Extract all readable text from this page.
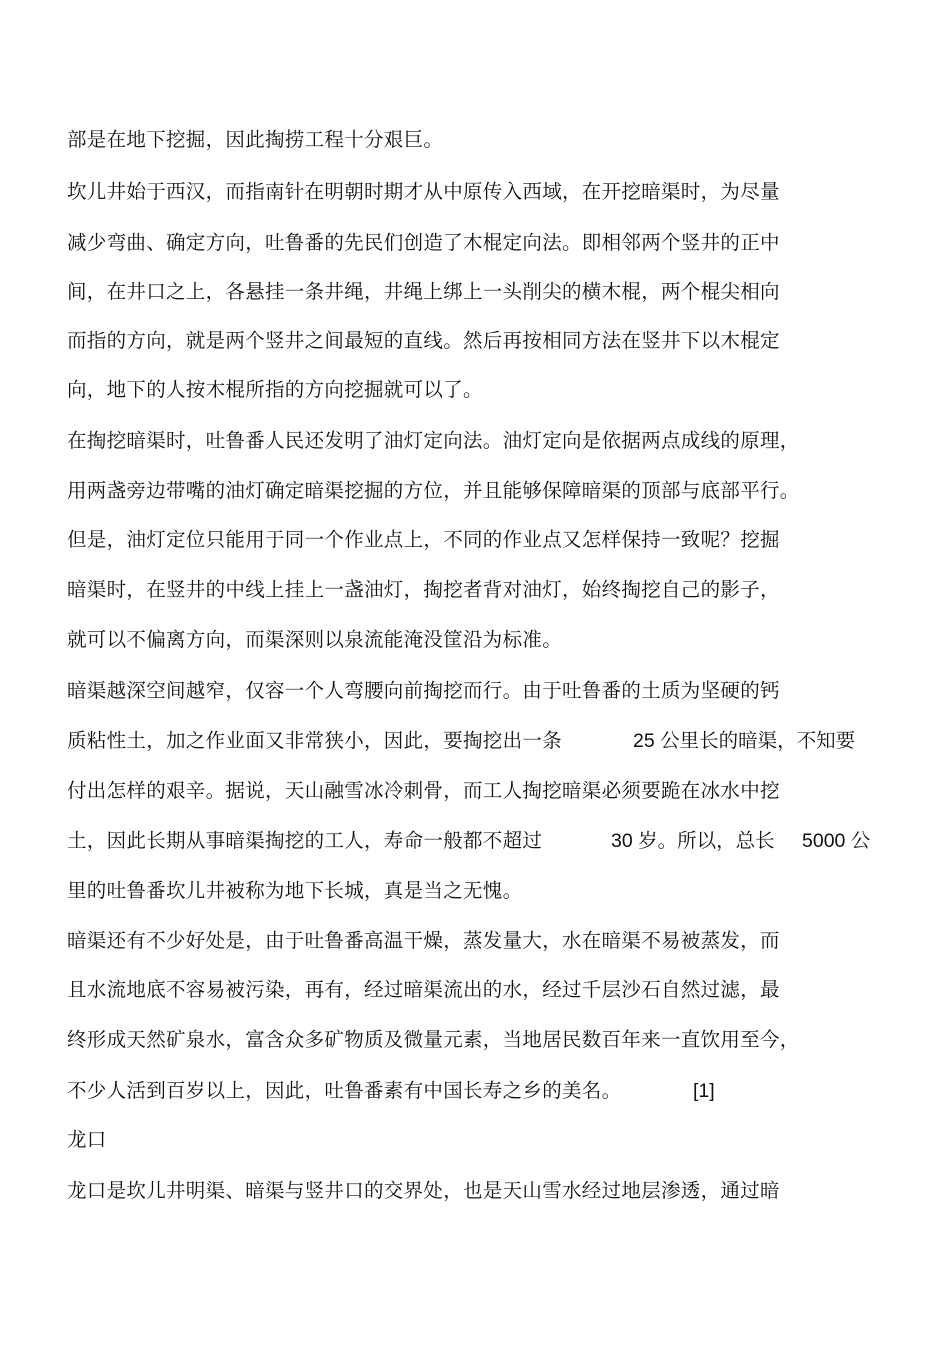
部是在地下挖掘，因此掏捞工程十分艰巨。
坎儿井始于西汉，而指南针在明朝时期才从中原传入西域，在开挖暗渠时，为尽量
减少弯曲、确定方向，吐鲁番的先民们创造了木棍定向法。即相邻两个竖井的正中
间，在井口之上，各悬挂一条井绳，井绳上绑上一头削尖的横木棍，两个棍尖相向
而指的方向，就是两个竖井之间最短的直线。然后再按相同方法在竖井下以木棍定
向，地下的人按木棍所指的方向挖掘就可以了。
在掏挖暗渠时，吐鲁番人民还发明了油灯定向法。油灯定向是依据两点成线的原理，
用两盏旁边带嘴的油灯确定暗渠挖掘的方位，并且能够保障暗渠的顶部与底部平行。
但是，油灯定位只能用于同一个作业点上，不同的作业点又怎样保持一致呢？挖掘
暗渠时，在竖井的中线上挂上一盏油灯，掏挖者背对油灯，始终掏挖自己的影子，
就可以不偏离方向，而渠深则以泉流能淹没筐沿为标准。
暗渠越深空间越窄，仅容一个人弯腰向前掏挖而行。由于吐鲁番的土质为坚硬的钙
质粘性土，加之作业面又非常狭小，因此，要掏挖出一条	25 公里长的暗渠，不知要
付出怎样的艰辛。据说，天山融雪冰冷刺骨，而工人掏挖暗渠必须要跪在冰水中挖
土，因此长期从事暗渠掏挖的工人，寿命一般都不超过	30 岁。所以，总长 5000 公
里的吐鲁番坎儿井被称为地下长城，真是当之无愧。
暗渠还有不少好处是，由于吐鲁番高温干燥，蒸发量大，水在暗渠不易被蒸发，而
且水流地底不容易被污染，再有，经过暗渠流出的水，经过千层沙石自然过滤，最
终形成天然矿泉水，富含众多矿物质及微量元素，当地居民数百年来一直饮用至今，
不少人活到百岁以上，因此，吐鲁番素有中国长寿之乡的美名。	[1]
龙口
龙口是坎儿井明渠、暗渠与竖井口的交界处，也是天山雪水经过地层渗透，通过暗
